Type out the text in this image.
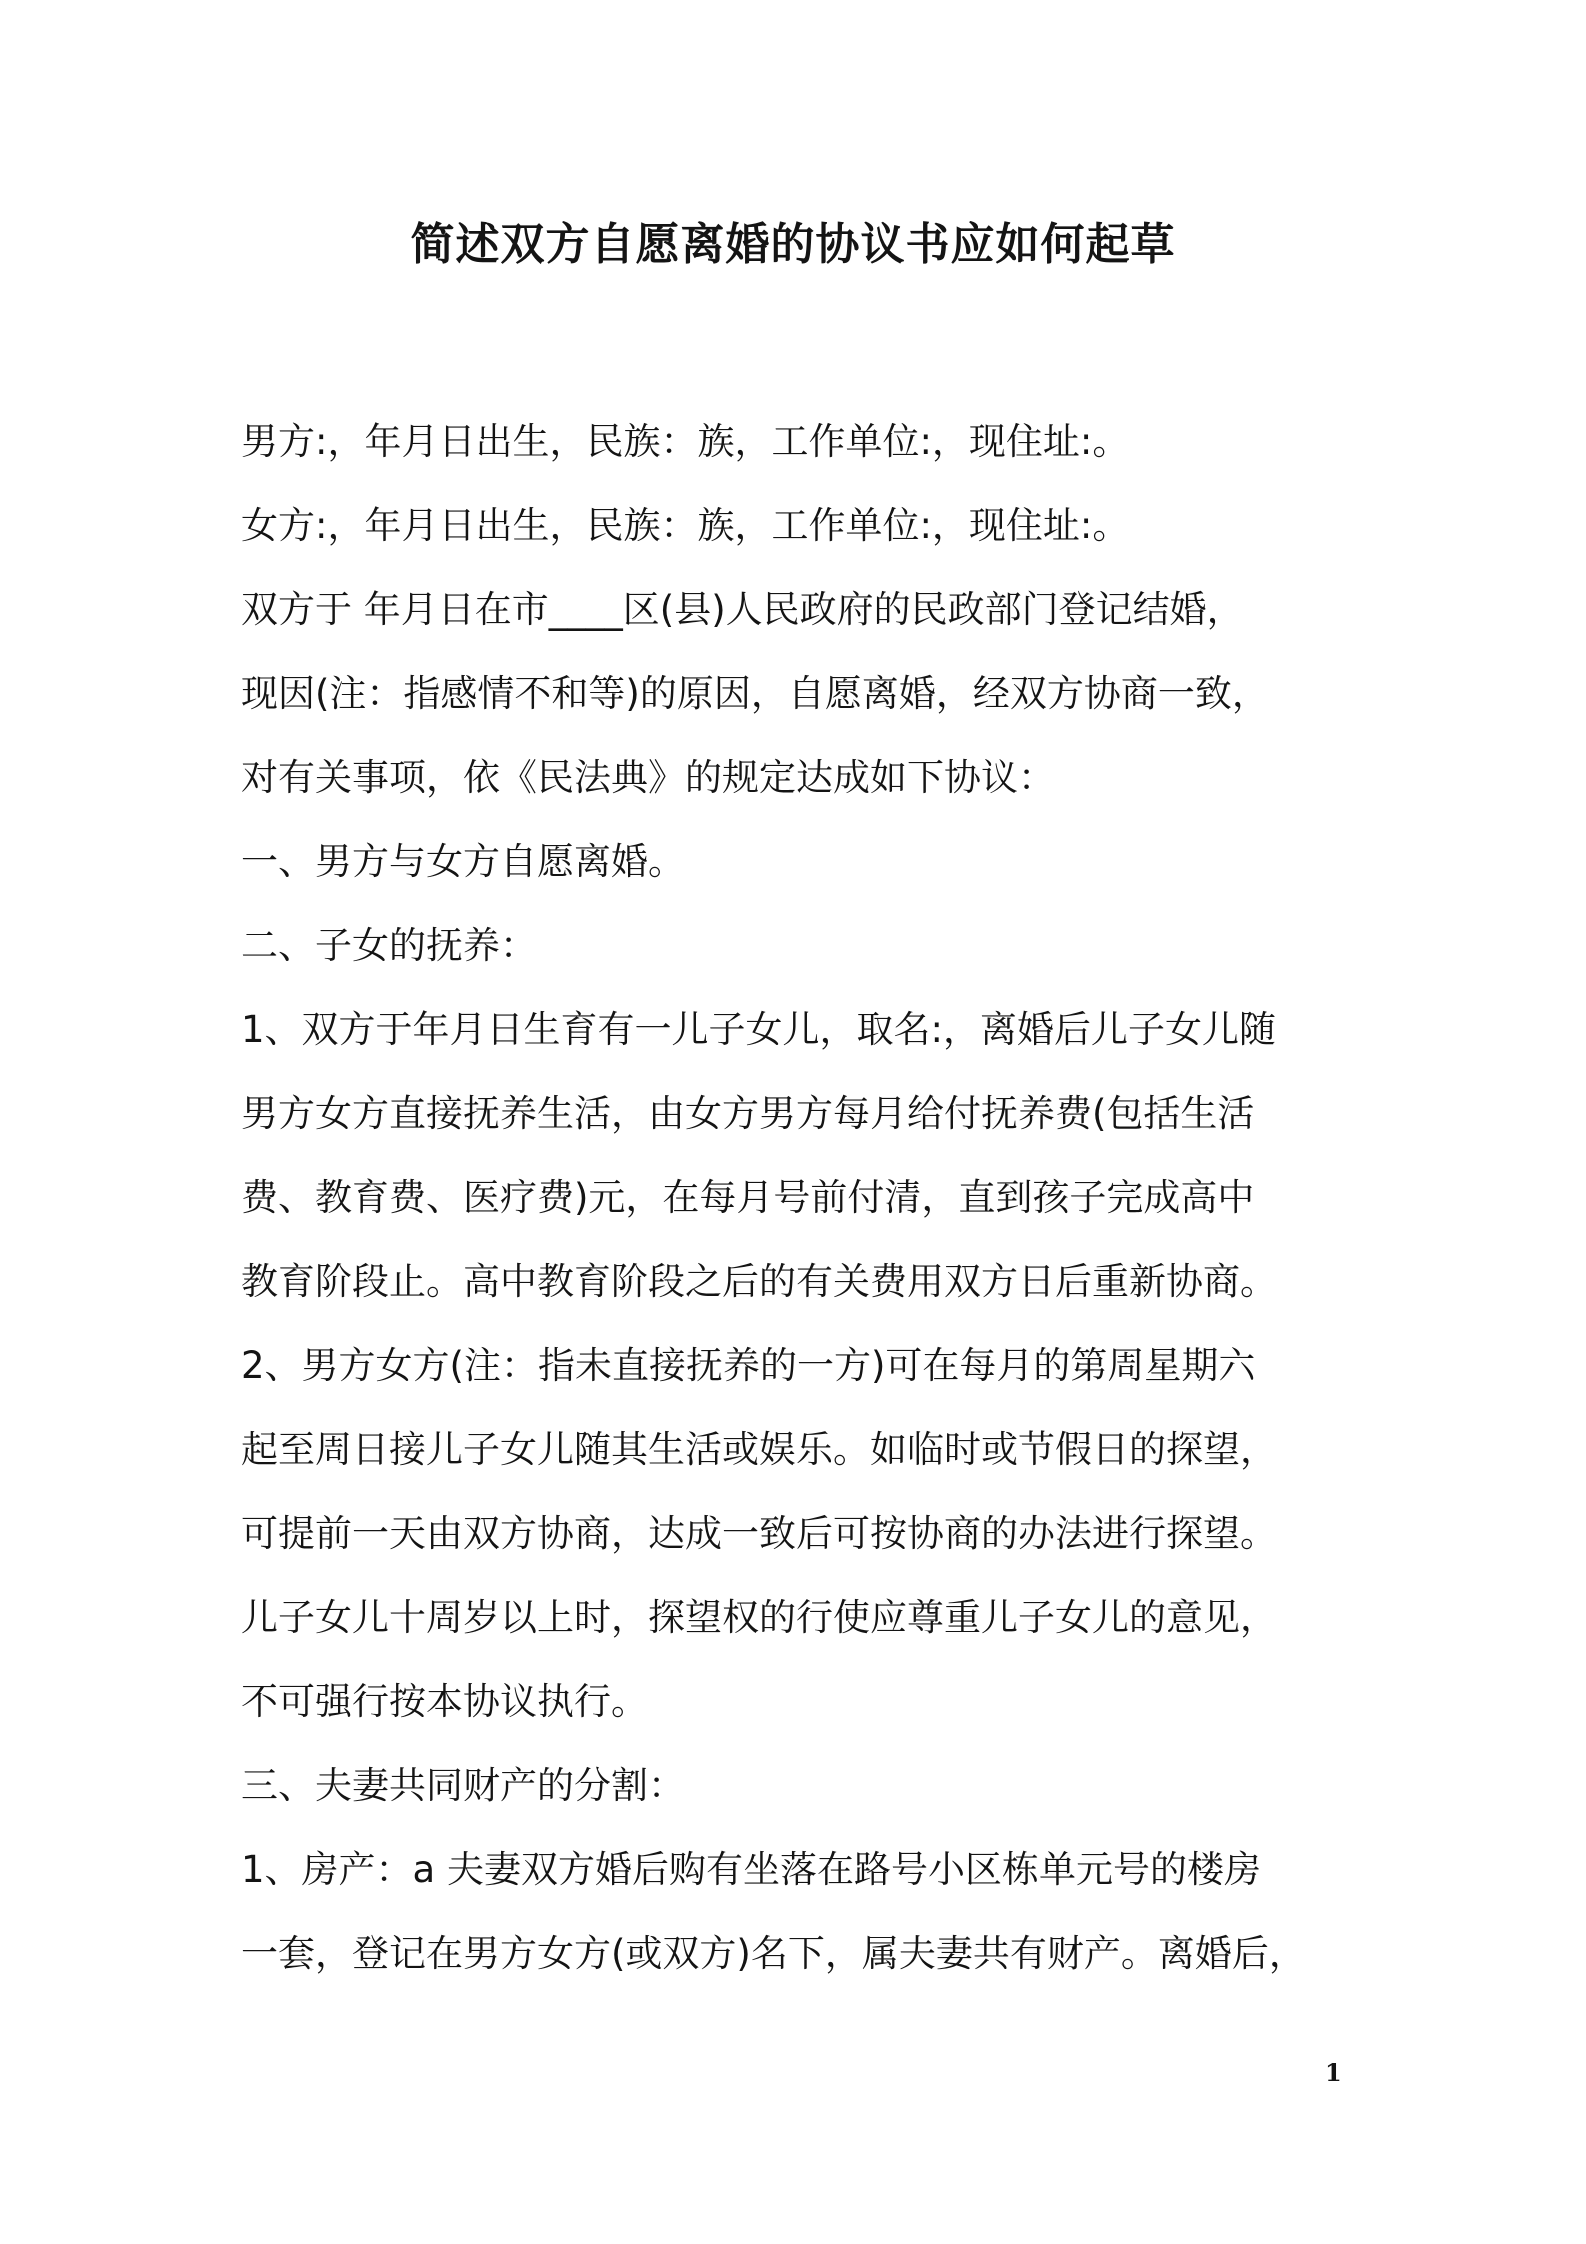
简述双方自愿离婚的协议书应如何起草

男方:，年月日出生，民族：族，工作单位:，现住址:。

女方:，年月日出生，民族：族，工作单位:，现住址:。

双方于 年月日在市____区(县)人民政府的民政部门登记结婚，

现因(注：指感情不和等)的原因，自愿离婚，经双方协商一致，

对有关事项，依《民法典》的规定达成如下协议：

一、男方与女方自愿离婚。

二、子女的抚养：

1、双方于年月日生育有一儿子女儿，取名:，离婚后儿子女儿随

男方女方直接抚养生活，由女方男方每月给付抚养费(包括生活

费、教育费、医疗费)元，在每月号前付清，直到孩子完成高中

教育阶段止。高中教育阶段之后的有关费用双方日后重新协商。

2、男方女方(注：指未直接抚养的一方)可在每月的第周星期六

起至周日接儿子女儿随其生活或娱乐。如临时或节假日的探望，

可提前一天由双方协商，达成一致后可按协商的办法进行探望。

儿子女儿十周岁以上时，探望权的行使应尊重儿子女儿的意见，

不可强行按本协议执行。

三、夫妻共同财产的分割：

1、房产：a 夫妻双方婚后购有坐落在路号小区栋单元号的楼房

一套，登记在男方女方(或双方)名下，属夫妻共有财产。离婚后，

1
